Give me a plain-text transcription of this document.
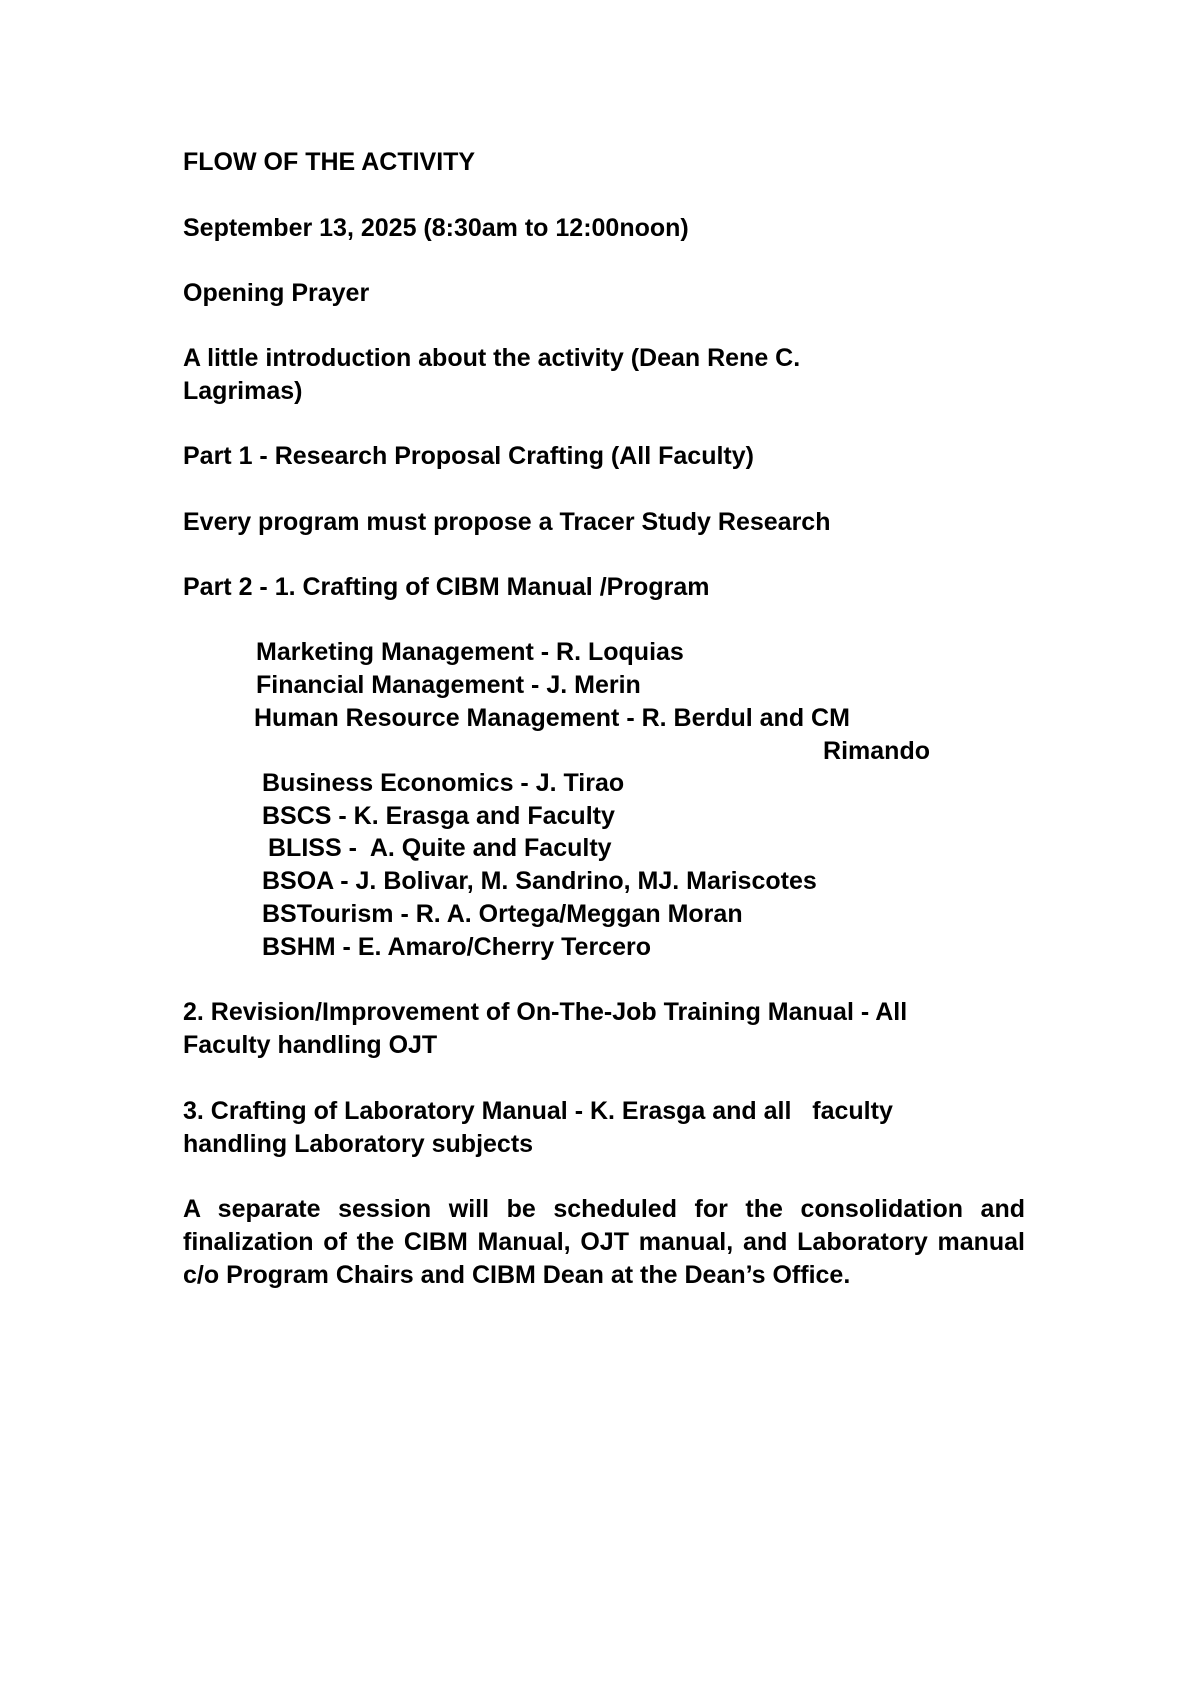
FLOW OF THE ACTIVITY
September 13, 2025 (8:30am to 12:00noon)
Opening Prayer
A little introduction about the activity (Dean Rene C.
Lagrimas)
Part 1 - Research Proposal Crafting (All Faculty)
Every program must propose a Tracer Study Research
Part 2 - 1. Crafting of CIBM Manual /Program
Marketing Management - R. Loquias
Financial Management - J. Merin
Human Resource Management - R. Berdul and CM
Rimando
Business Economics - J. Tirao
BSCS - K. Erasga and Faculty
BLISS -  A. Quite and Faculty
BSOA - J. Bolivar, M. Sandrino, MJ. Mariscotes
BSTourism - R. A. Ortega/Meggan Moran
BSHM - E. Amaro/Cherry Tercero
2. Revision/Improvement of On-The-Job Training Manual - All
Faculty handling OJT
3. Crafting of Laboratory Manual - K. Erasga and all   faculty
handling Laboratory subjects
A separate session will be scheduled for the consolidation and finalization of the CIBM Manual, OJT manual, and Laboratory manual c/o Program Chairs and CIBM Dean at the Dean’s Office.
